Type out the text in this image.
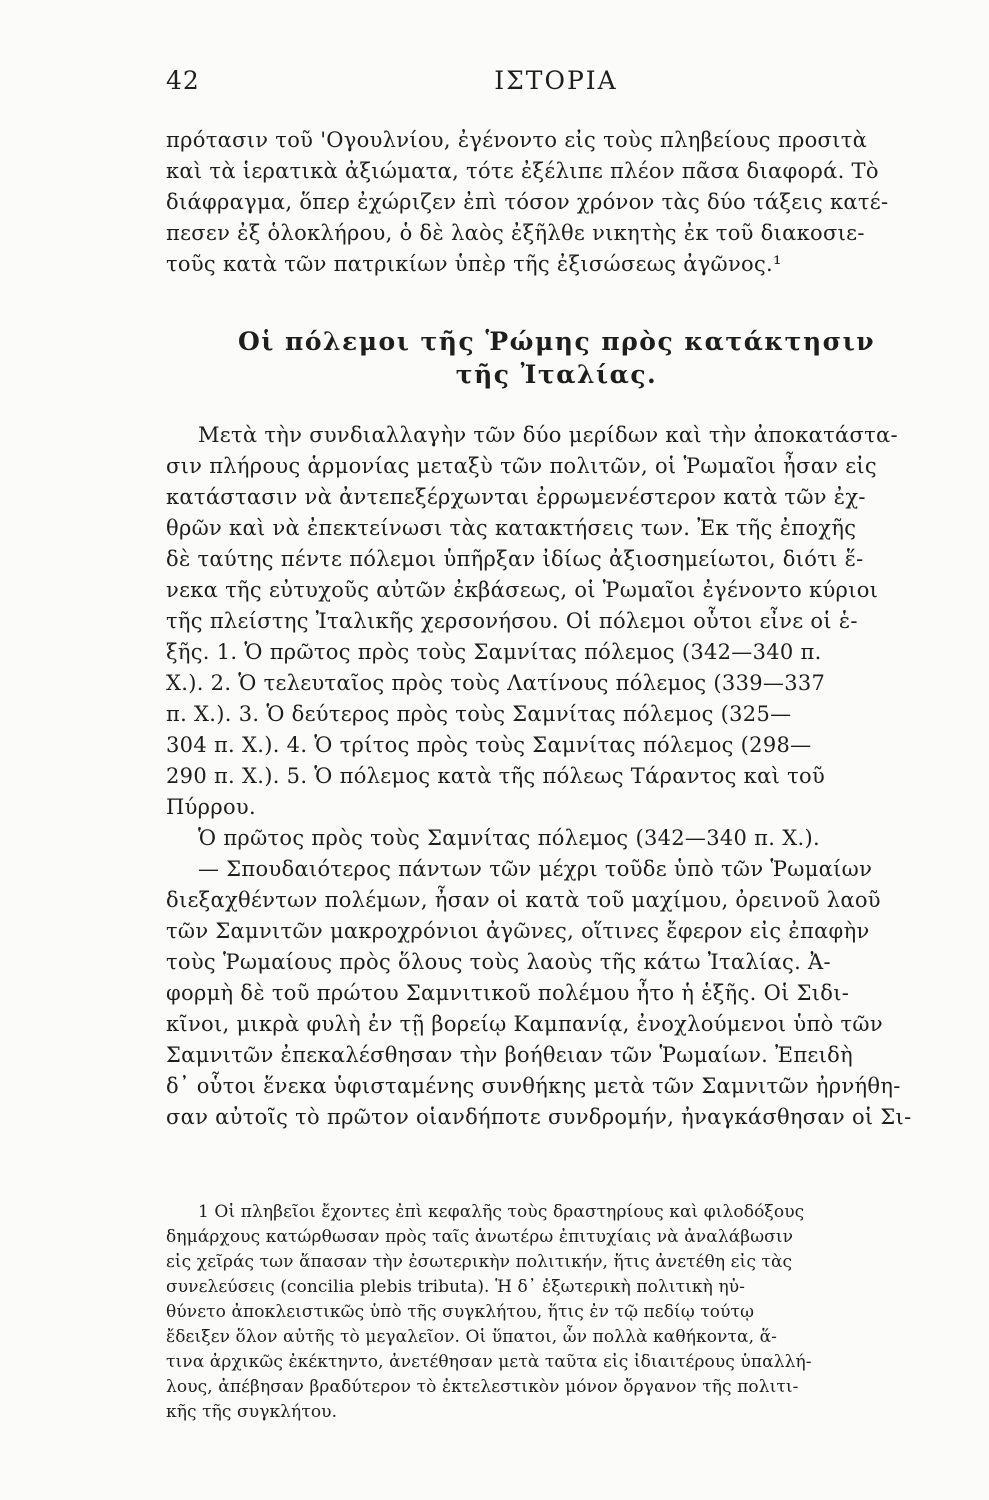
42	ΙΣΤΟΡΙΑ
πρότασιν τοῦ 'Ογουλνίου, ἐγένοντο εἰς τοὺς πληβείους προσιτὰ
καὶ τὰ ἱερατικὰ ἀξιώματα, τότε ἐξέλιπε πλέον πᾶσα διαφορά. Τὸ
διάφραγμα, ὅπερ ἐχώριζεν ἐπὶ τόσον χρόνον τὰς δύο τάξεις κατέ-
πεσεν ἐξ ὁλοκλήρου, ὁ δὲ λαὸς ἐξῆλθε νικητὴς ἐκ τοῦ διακοσιε-
τοῦς κατὰ τῶν πατρικίων ὑπὲρ τῆς ἐξισώσεως ἀγῶνος.¹
Οἱ πόλεμοι τῆς Ῥώμης πρὸς κατάκτησιν
τῆς Ἰταλίας.
Μετὰ τὴν συνδιαλλαγὴν τῶν δύο μερίδων καὶ τὴν ἀποκατάστα-
σιν πλήρους ἁρμονίας μεταξὺ τῶν πολιτῶν, οἱ Ῥωμαῖοι ἦσαν εἰς
κατάστασιν νὰ ἀντεπεξέρχωνται ἐρρωμενέστερον κατὰ τῶν ἐχ-
θρῶν καὶ νὰ ἐπεκτείνωσι τὰς κατακτήσεις των. Ἐκ τῆς ἐποχῆς
δὲ ταύτης πέντε πόλεμοι ὑπῆρξαν ἰδίως ἀξιοσημείωτοι, διότι ἕ-
νεκα τῆς εὐτυχοῦς αὐτῶν ἐκβάσεως, οἱ Ῥωμαῖοι ἐγένοντο κύριοι
τῆς πλείστης Ἰταλικῆς χερσονήσου. Οἱ πόλεμοι οὗτοι εἶνε οἱ ἑ-
ξῆς. 1. Ὁ πρῶτος πρὸς τοὺς Σαμνίτας πόλεμος (342—340 π.
Χ.). 2. Ὁ τελευταῖος πρὸς τοὺς Λατίνους πόλεμος (339—337
π. Χ.). 3. Ὁ δεύτερος πρὸς τοὺς Σαμνίτας πόλεμος (325—
304 π. Χ.). 4. Ὁ τρίτος πρὸς τοὺς Σαμνίτας πόλεμος (298—
290 π. Χ.). 5. Ὁ πόλεμος κατὰ τῆς πόλεως Τάραντος καὶ τοῦ
Πύρρου.
Ὁ πρῶτος πρὸς τοὺς Σαμνίτας πόλεμος (342—340 π. Χ.).
— Σπουδαιότερος πάντων τῶν μέχρι τοῦδε ὑπὸ τῶν Ῥωμαίων
διεξαχθέντων πολέμων, ἦσαν οἱ κατὰ τοῦ μαχίμου, ὀρεινοῦ λαοῦ
τῶν Σαμνιτῶν μακροχρόνιοι ἀγῶνες, οἵτινες ἔφερον εἰς ἐπαφὴν
τοὺς Ῥωμαίους πρὸς ὅλους τοὺς λαοὺς τῆς κάτω Ἰταλίας. Ἀ-
φορμὴ δὲ τοῦ πρώτου Σαμνιτικοῦ πολέμου ἦτο ἡ ἑξῆς. Οἱ Σιδι-
κῖνοι, μικρὰ φυλὴ ἐν τῇ βορείῳ Καμπανίᾳ, ἐνοχλούμενοι ὑπὸ τῶν
Σαμνιτῶν ἐπεκαλέσθησαν τὴν βοήθειαν τῶν Ῥωμαίων. Ἐπειδὴ
δ᾽ οὗτοι ἕνεκα ὑφισταμένης συνθήκης μετὰ τῶν Σαμνιτῶν ἠρνήθη-
σαν αὐτοῖς τὸ πρῶτον οἱανδήποτε συνδρομήν, ἠναγκάσθησαν οἱ Σι-
1 Οἱ πληβεῖοι ἔχοντες ἐπὶ κεφαλῆς τοὺς δραστηρίους καὶ φιλοδόξους
δημάρχους κατώρθωσαν πρὸς ταῖς ἀνωτέρω ἐπιτυχίαις νὰ ἀναλάβωσιν
εἰς χεῖράς των ἅπασαν τὴν ἐσωτερικὴν πολιτικήν, ἥτις ἀνετέθη εἰς τὰς
συνελεύσεις (concilia plebis tributa). Ἡ δ᾽ ἐξωτερικὴ πολιτικὴ ηὐ-
θύνετο ἀποκλειστικῶς ὑπὸ τῆς συγκλήτου, ἥτις ἐν τῷ πεδίῳ τούτῳ
ἔδειξεν ὅλον αὐτῆς τὸ μεγαλεῖον. Οἱ ὕπατοι, ὧν πολλὰ καθήκοντα, ἅ-
τινα ἀρχικῶς ἐκέκτηντο, ἀνετέθησαν μετὰ ταῦτα εἰς ἰδιαιτέρους ὑπαλλή-
λους, ἀπέβησαν βραδύτερον τὸ ἐκτελεστικὸν μόνον ὄργανον τῆς πολιτι-
κῆς τῆς συγκλήτου.
